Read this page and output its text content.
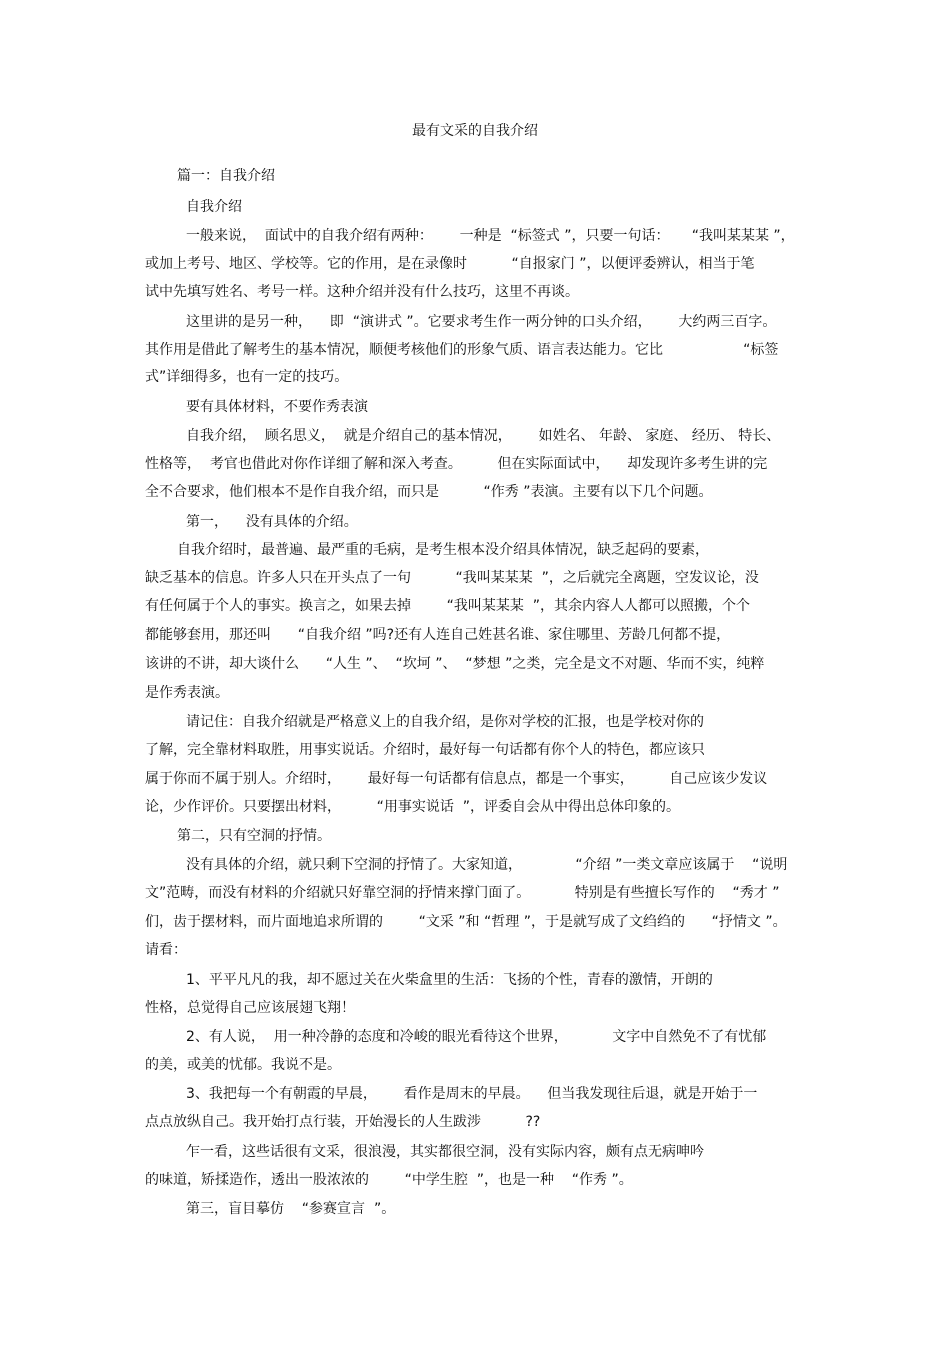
最有文采的自我介绍
篇一：自我介绍
自我介绍
一般来说，  面试中的自我介绍有两种：      一种是  “标签式 ”，只要一句话：     “我叫某某某 ”，
或加上考号、地区、学校等。它的作用，是在录像时          “自报家门 ”，以便评委辨认，相当于笔
试中先填写姓名、考号一样。这种介绍并没有什么技巧，这里不再谈。
这里讲的是另一种，    即  “演讲式 ”。它要求考生作一两分钟的口头介绍，      大约两三百字。
其作用是借此了解考生的基本情况，顺便考核他们的形象气质、语言表达能力。它比                  “标签
式”详细得多，也有一定的技巧。
要有具体材料，不要作秀表演
自我介绍，  顾名思义，  就是介绍自己的基本情况，      如姓名、 年龄、 家庭、 经历、 特长、
性格等，  考官也借此对你作详细了解和深入考查。        但在实际面试中，    却发现许多考生讲的完
全不合要求，他们根本不是作自我介绍，而只是          “作秀 ”表演。主要有以下几个问题。
第一，    没有具体的介绍。
自我介绍时，最普遍、最严重的毛病，是考生根本没介绍具体情况，缺乏起码的要素，
缺乏基本的信息。许多人只在开头点了一句          “我叫某某某  ”，之后就完全离题，空发议论，没
有任何属于个人的事实。换言之，如果去掉        “我叫某某某  ”，其余内容人人都可以照搬，个个
都能够套用，那还叫      “自我介绍 ”吗?还有人连自己姓甚名谁、家住哪里、芳龄几何都不提，
该讲的不讲，却大谈什么      “人生 ”、  “坎坷 ”、  “梦想 ”之类，完全是文不对题、华而不实，纯粹
是作秀表演。
请记住：自我介绍就是严格意义上的自我介绍，是你对学校的汇报，也是学校对你的
了解，完全靠材料取胜，用事实说话。介绍时，最好每一句话都有你个人的特色，都应该只
属于你而不属于别人。介绍时，      最好每一句话都有信息点，都是一个事实，        自己应该少发议
论，少作评价。只要摆出材料，        “用事实说话  ”，评委自会从中得出总体印象的。
第二，只有空洞的抒情。
没有具体的介绍，就只剩下空洞的抒情了。大家知道，            “介绍 ”一类文章应该属于    “说明
文”范畴，而没有材料的介绍就只好靠空洞的抒情来撑门面了。          特别是有些擅长写作的    “秀才 ”
们，齿于摆材料，而片面地追求所谓的        “文采 ”和 “哲理 ”，于是就写成了文绉绉的      “抒情文 ”。
请看：
1、平平凡凡的我，却不愿过关在火柴盒里的生活：飞扬的个性，青春的激情，开朗的
性格，总觉得自己应该展翅飞翔！
2、有人说，  用一种冷静的态度和冷峻的眼光看待这个世界，          文字中自然免不了有忧郁
的美，或美的忧郁。我说不是。
3、我把每一个有朝霞的早晨，      看作是周末的早晨。    但当我发现往后退，就是开始于一
点点放纵自己。我开始打点行装，开始漫长的人生跋涉          ??
乍一看，这些话很有文采，很浪漫，其实都很空洞，没有实际内容，颇有点无病呻吟
的味道，矫揉造作，透出一股浓浓的        “中学生腔  ”，也是一种    “作秀 ”。
第三，盲目摹仿    “参赛宣言  ”。
